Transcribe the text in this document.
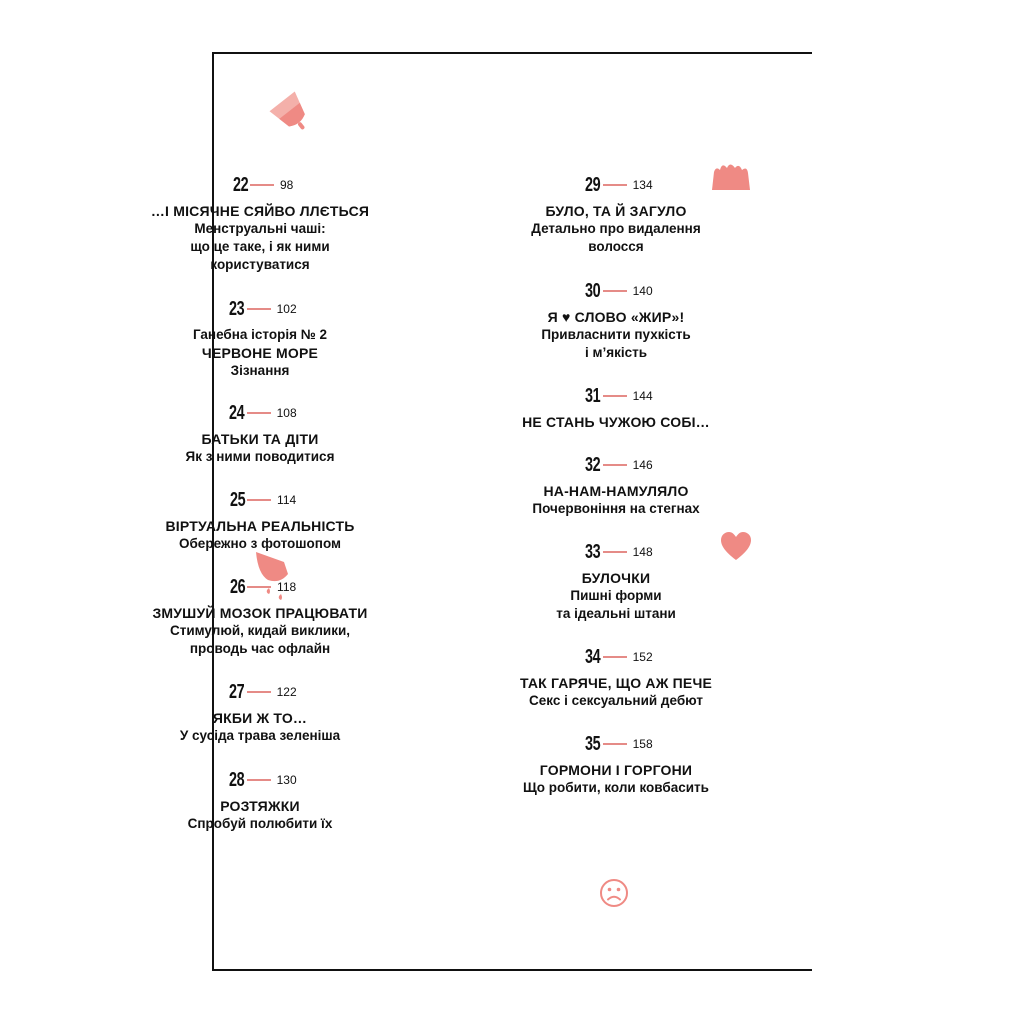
22	98
…І МІСЯЧНЕ СЯЙВО ЛЛЄТЬСЯ
Менструальні чаші:
що це таке, і як ними
користуватися
23	102
Ганебна історія № 2
ЧЕРВОНЕ МОРЕ
Зізнання
24	108
БАТЬКИ ТА ДІТИ
Як з ними поводитися
25	114
ВІРТУАЛЬНА РЕАЛЬНІСТЬ
Обережно з фотошопом
26	118
ЗМУШУЙ МОЗОК ПРАЦЮВАТИ
Стимулюй, кидай виклики,
проводь час офлайн
27	122
ЯКБИ Ж ТО…
У сусіда трава зеленіша
28	130
РОЗТЯЖКИ
Спробуй полюбити їх
29	134
БУЛО, ТА Й ЗАГУЛО
Детально про видалення
волосся
30	140
Я ♥ СЛОВО «ЖИР»!
Привласнити пухкість
і м’якість
31	144
НЕ СТАНЬ ЧУЖОЮ СОБІ…
32	146
НА-НАМ-НАМУЛЯЛО
Почервоніння на стегнах
33	148
БУЛОЧКИ
Пишні форми
та ідеальні штани
34	152
ТАК ГАРЯЧЕ, ЩО АЖ ПЕЧЕ
Секс і сексуальний дебют
35	158
ГОРМОНИ І ГОРГОНИ
Що робити, коли ковбасить
